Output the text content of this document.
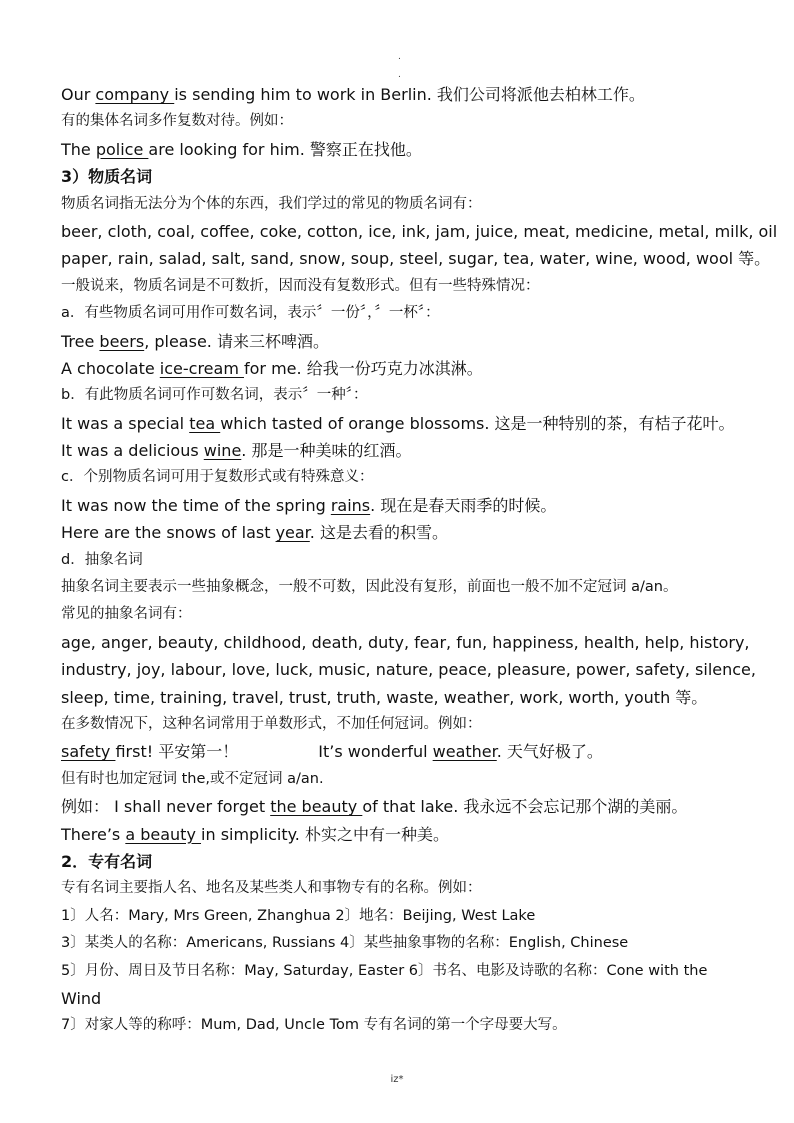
.
.
Our company is sending him to work in Berlin. 我们公司将派他去柏林工作。
有的集体名词多作复数对待。例如：
The police are looking for him. 警察正在找他。
3）物质名词
物质名词指无法分为个体的东西，我们学过的常见的物质名词有：
beer, cloth, coal, coffee, coke, cotton, ice, ink, jam, juice, meat, medicine, metal, milk, oil
paper, rain, salad, salt, sand, snow, soup, steel, sugar, tea, water, wine, wood, wool 等。
一般说来，物质名词是不可数折，因而没有复数形式。但有一些特殊情况：
a．有些物质名词可用作可数名词，表示〞一份〞，〞一杯〞：
Tree beers, please. 请来三杯啤酒。
A chocolate ice-cream for me. 给我一份巧克力冰淇淋。
b．有此物质名词可作可数名词，表示〞一种〞：
It was a special tea which tasted of orange blossoms. 这是一种特别的茶，有桔子花叶。
It was a delicious wine. 那是一种美味的红酒。
c．个别物质名词可用于复数形式或有特殊意义：
It was now the time of the spring rains. 现在是春天雨季的时候。
Here are the snows of last year. 这是去看的积雪。
d．抽象名词
抽象名词主要表示一些抽象概念，一般不可数，因此没有复形，前面也一般不加不定冠词 a/an。
常见的抽象名词有：
age, anger, beauty, childhood, death, duty, fear, fun, happiness, health, help, history,
industry, joy, labour, love, luck, music, nature, peace, pleasure, power, safety, silence,
sleep, time, training, travel, trust, truth, waste, weather, work, worth, youth 等。
在多数情况下，这种名词常用于单数形式，不加任何冠词。例如：
safety first! 平安第一！	It’s wonderful weather. 天气好极了。
但有时也加定冠词 the,或不定冠词 a/an.
例如： I shall never forget the beauty of that lake. 我永远不会忘记那个湖的美丽。
There’s a beauty in simplicity. 朴实之中有一种美。
2．专有名词
专有名词主要指人名、地名及某些类人和事物专有的名称。例如：
1〕人名：Mary, Mrs Green, Zhanghua 2〕地名：Beijing, West Lake
3〕某类人的名称：Americans, Russians 4〕某些抽象事物的名称：English, Chinese
5〕月份、周日及节日名称：May, Saturday, Easter 6〕书名、电影及诗歌的名称：Cone with the
Wind
7〕对家人等的称呼：Mum, Dad, Uncle Tom 专有名词的第一个字母要大写。
iz*
